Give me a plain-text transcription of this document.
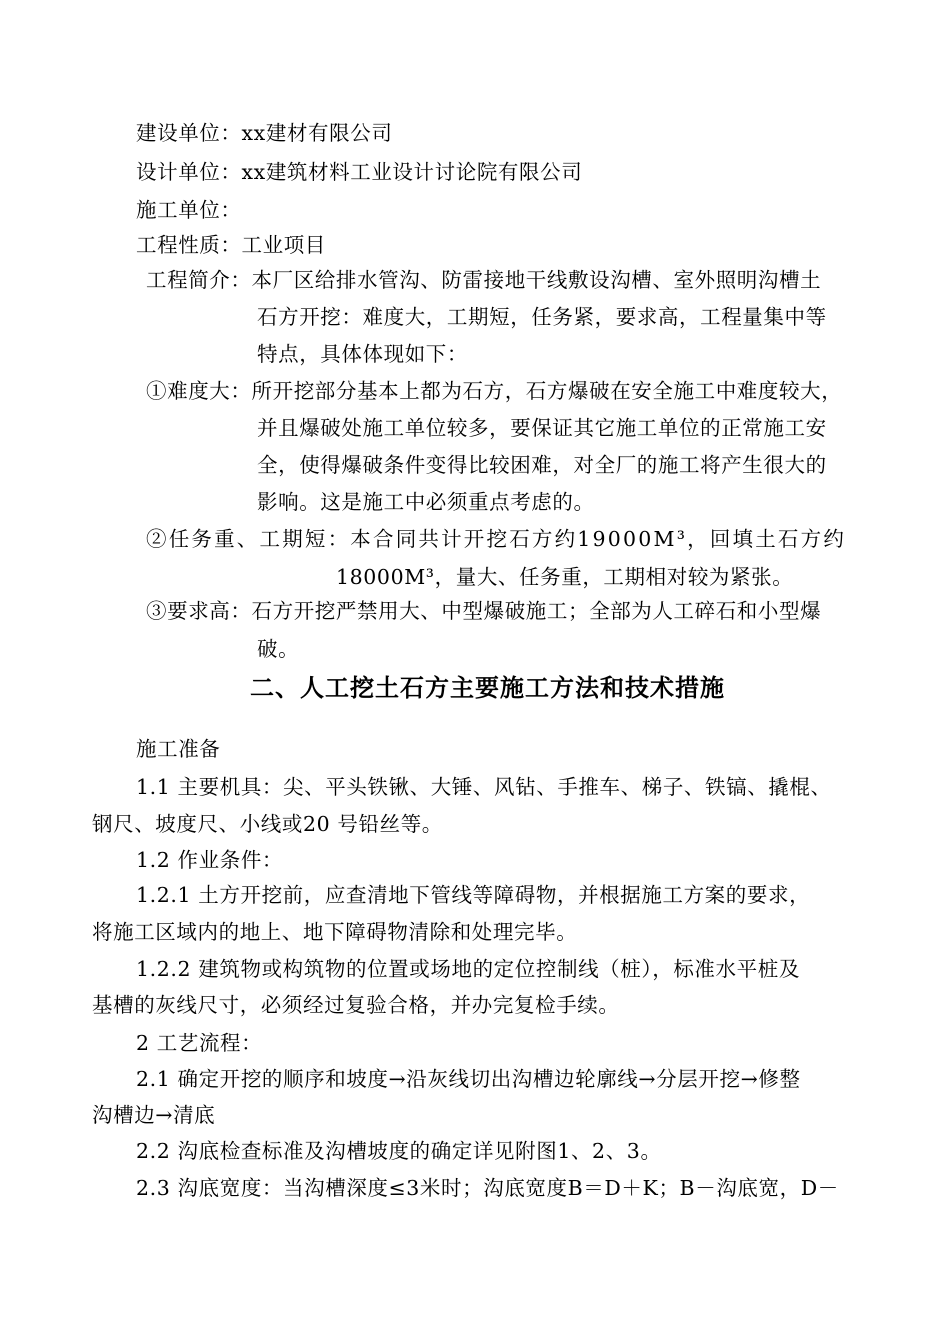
建设单位：xx建材有限公司
设计单位：xx建筑材料工业设计讨论院有限公司
施工单位：
工程性质：工业项目
工程简介：本厂区给排水管沟、防雷接地干线敷设沟槽、室外照明沟槽土
石方开挖：难度大，工期短，任务紧，要求高，工程量集中等
特点，具体体现如下：
①难度大：所开挖部分基本上都为石方，石方爆破在安全施工中难度较大，
并且爆破处施工单位较多，要保证其它施工单位的正常施工安
全，使得爆破条件变得比较困难，对全厂的施工将产生很大的
影响。这是施工中必须重点考虑的。
②任务重、工期短：本合同共计开挖石方约19000M³，回填土石方约
18000M³，量大、任务重，工期相对较为紧张。
③要求高：石方开挖严禁用大、中型爆破施工；全部为人工碎石和小型爆
破。
二、人工挖土石方主要施工方法和技术措施
施工准备
1.1 主要机具：尖、平头铁锹、大锤、风钻、手推车、梯子、铁镐、撬棍、
钢尺、坡度尺、小线或20 号铅丝等。
1.2 作业条件：
1.2.1 土方开挖前，应查清地下管线等障碍物，并根据施工方案的要求，
将施工区域内的地上、地下障碍物清除和处理完毕。
1.2.2 建筑物或构筑物的位置或场地的定位控制线（桩），标准水平桩及
基槽的灰线尺寸，必须经过复验合格，并办完复检手续。
2 工艺流程：
2.1 确定开挖的顺序和坡度→沿灰线切出沟槽边轮廓线→分层开挖→修整
沟槽边→清底
2.2 沟底检查标准及沟槽坡度的确定详见附图1、2、3。
2.3 沟底宽度：当沟槽深度≤3米时；沟底宽度B＝D＋K；B－沟底宽，D－
